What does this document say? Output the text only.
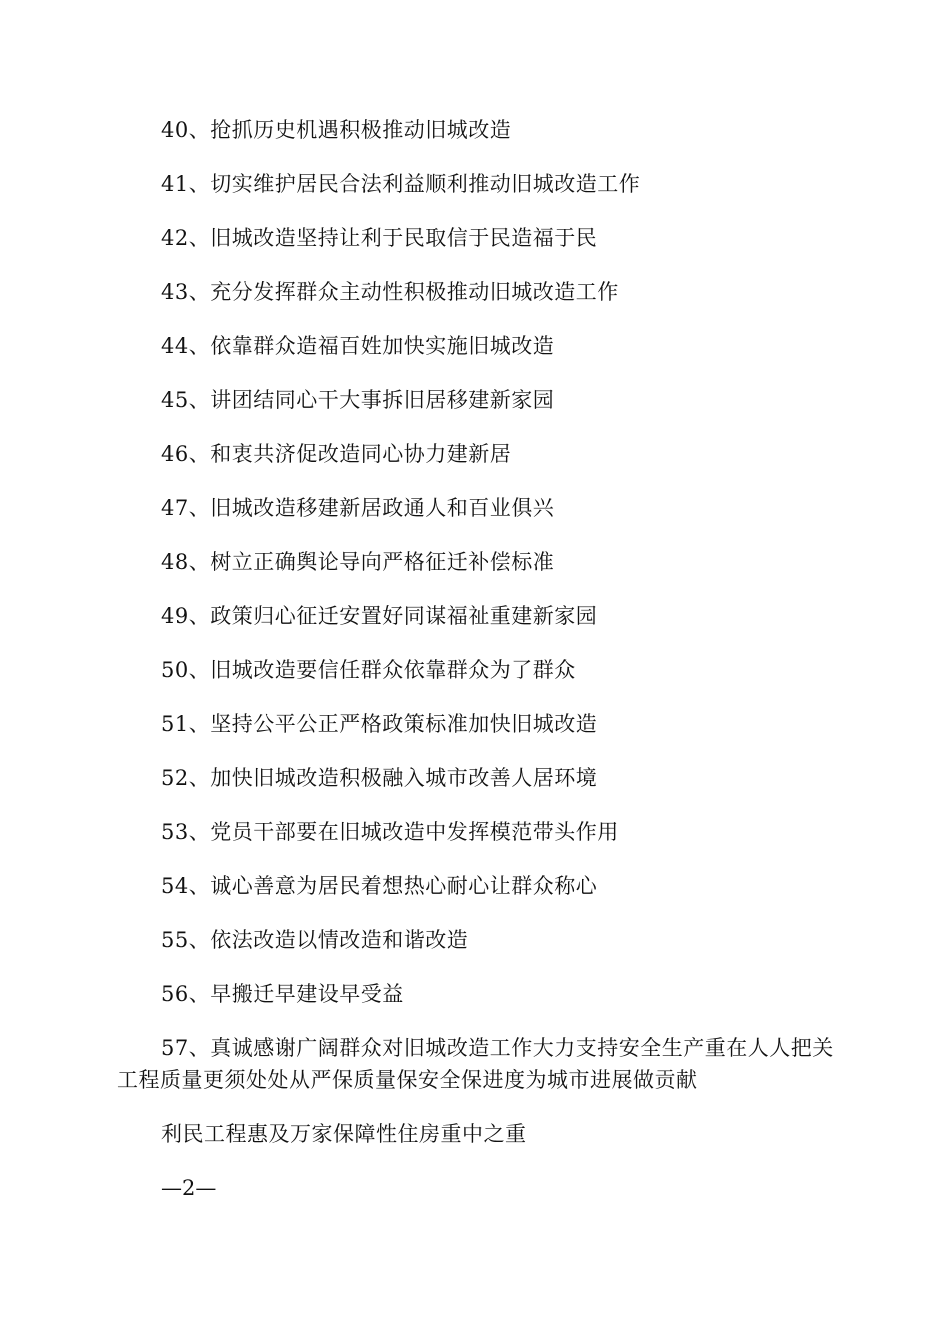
40、抢抓历史机遇积极推动旧城改造

41、切实维护居民合法利益顺利推动旧城改造工作

42、旧城改造坚持让利于民取信于民造福于民

43、充分发挥群众主动性积极推动旧城改造工作

44、依靠群众造福百姓加快实施旧城改造

45、讲团结同心干大事拆旧居移建新家园

46、和衷共济促改造同心协力建新居

47、旧城改造移建新居政通人和百业俱兴

48、树立正确舆论导向严格征迁补偿标准

49、政策归心征迁安置好同谋福祉重建新家园

50、旧城改造要信任群众依靠群众为了群众

51、坚持公平公正严格政策标准加快旧城改造

52、加快旧城改造积极融入城市改善人居环境

53、党员干部要在旧城改造中发挥模范带头作用

54、诚心善意为居民着想热心耐心让群众称心

55、依法改造以情改造和谐改造

56、早搬迁早建设早受益

57、真诚感谢广阔群众对旧城改造工作大力支持安全生产重在人人把关工程质量更须处处从严保质量保安全保进度为城市进展做贡献

利民工程惠及万家保障性住房重中之重

—2—
